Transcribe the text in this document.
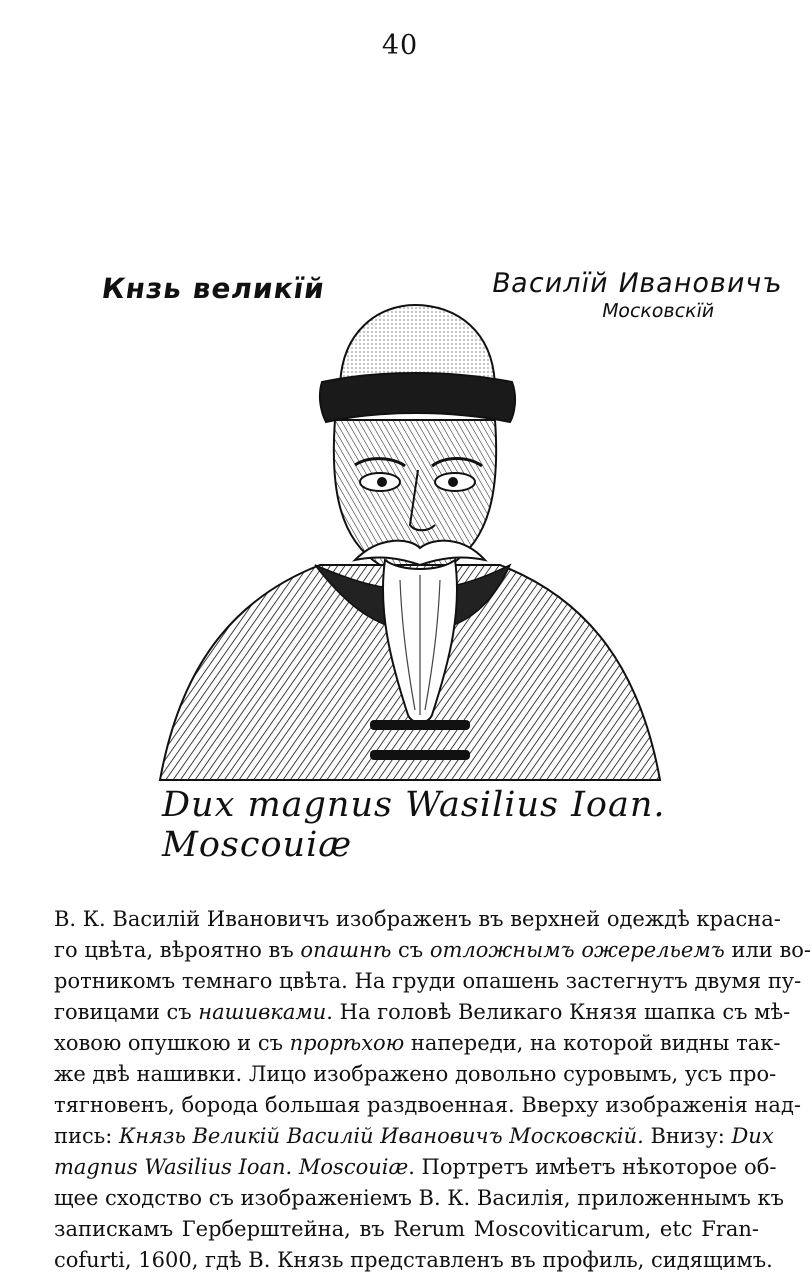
40
Кнзь великїй	Василїй Ивановичъ
Московскїй
Dux magnus Wasilius Ioan. Moscouiæ
В. К. Василій Ивановичъ изображенъ въ верхней одеждѣ красна-
го цвѣта, вѣроятно въ опашнѣ съ отложнымъ ожерельемъ или во-
ротникомъ темнаго цвѣта. На груди опашень застегнутъ двумя пу-
говицами съ нашивками. На головѣ Великаго Князя шапка съ мѣ-
ховою опушкою и съ прорѣхою напереди, на которой видны так-
же двѣ нашивки. Лицо изображено довольно суровымъ, усъ про-
тягновенъ, борода большая раздвоенная. Вверху изображенія над-
пись: Князь Великій Василій Ивановичъ Московскій. Внизу: Dux
magnus Wasilius Ioan. Moscouiæ. Портретъ имѣетъ нѣкоторое об-
щее сходство съ изображеніемъ В. К. Василія, приложеннымъ къ
запискамъ Герберштейна, въ Rerum Moscoviticarum, etc Fran-
cofurti, 1600, гдѣ В. Князь представленъ въ профиль, сидящимъ.
